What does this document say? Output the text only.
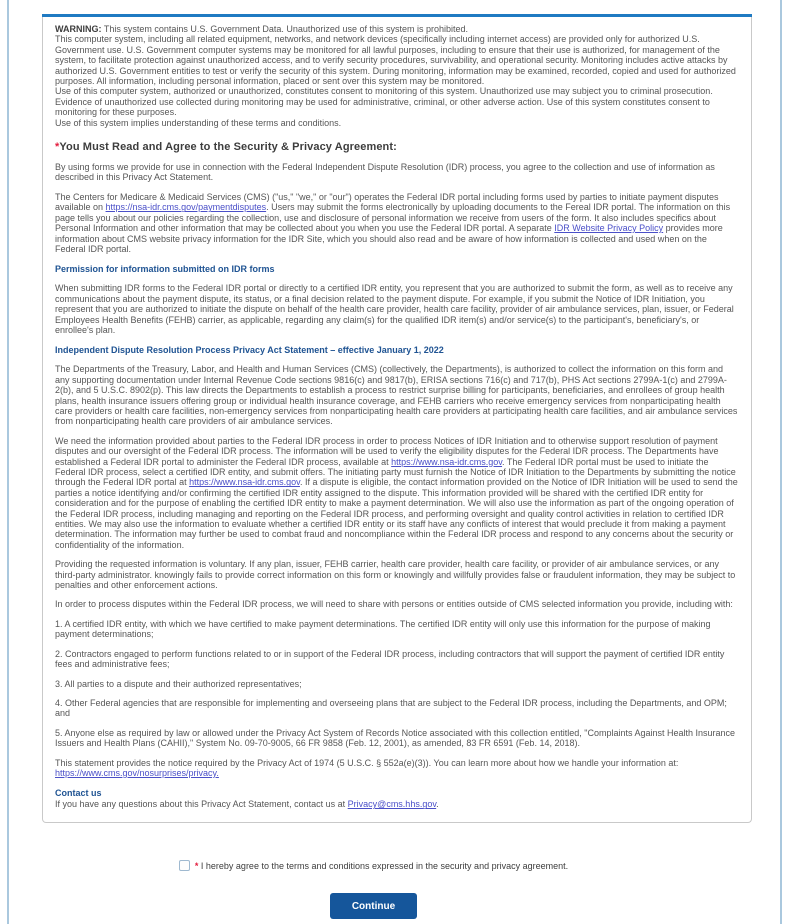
WARNING: This system contains U.S. Government Data. Unauthorized use of this system is prohibited.
This computer system, including all related equipment, networks, and network devices (specifically including internet access) are provided only for authorized U.S. Government use. U.S. Government computer systems may be monitored for all lawful purposes, including to ensure that their use is authorized, for management of the system, to facilitate protection against unauthorized access, and to verify security procedures, survivability, and operational security. Monitoring includes active attacks by authorized U.S. Government entities to test or verify the security of this system. During monitoring, information may be examined, recorded, copied and used for authorized purposes. All information, including personal information, placed or sent over this system may be monitored.
Use of this computer system, authorized or unauthorized, constitutes consent to monitoring of this system. Unauthorized use may subject you to criminal prosecution. Evidence of unauthorized use collected during monitoring may be used for administrative, criminal, or other adverse action. Use of this system constitutes consent to monitoring for these purposes.
Use of this system implies understanding of these terms and conditions.

*You Must Read and Agree to the Security & Privacy Agreement:

By using forms we provide for use in connection with the Federal Independent Dispute Resolution (IDR) process, you agree to the collection and use of information as described in this Privacy Act Statement.

The Centers for Medicare & Medicaid Services (CMS) ("us," "we," or "our") operates the Federal IDR portal including forms used by parties to initiate payment disputes available on https://nsa-idr.cms.gov/paymentdisputes. Users may submit the forms electronically by uploading documents to the Fereal IDR portal. The information on this page tells you about our policies regarding the collection, use and disclosure of personal information we receive from users of the form. It also includes specifics about Personal Information and other information that may be collected about you when you use the Federal IDR portal. A separate IDR Website Privacy Policy provides more information about CMS website privacy information for the IDR Site, which you should also read and be aware of how information is collected and used when on the Federal IDR portal.

Permission for information submitted on IDR forms

When submitting IDR forms to the Federal IDR portal or directly to a certified IDR entity, you represent that you are authorized to submit the form, as well as to receive any communications about the payment dispute, its status, or a final decision related to the payment dispute. For example, if you submit the Notice of IDR Initiation, you represent that you are authorized to initiate the dispute on behalf of the health care provider, health care facility, provider of air ambulance services, plan, issuer, or Federal Employees Health Benefits (FEHB) carrier, as applicable, regarding any claim(s) for the qualified IDR item(s) and/or service(s) to the participant's, beneficiary's, or enrollee's plan.

Independent Dispute Resolution Process Privacy Act Statement – effective January 1, 2022

The Departments of the Treasury, Labor, and Health and Human Services (CMS) (collectively, the Departments), is authorized to collect the information on this form and any supporting documentation under Internal Revenue Code sections 9816(c) and 9817(b), ERISA sections 716(c) and 717(b), PHS Act sections 2799A-1(c) and 2799A-2(b), and 5 U.S.C. 8902(p). This law directs the Departments to establish a process to restrict surprise billing for participants, beneficiaries, and enrollees of group health plans, health insurance issuers offering group or individual health insurance coverage, and FEHB carriers who receive emergency services from nonparticipating health care providers or health care facilities, non-emergency services from nonparticipating health care providers at participating health care facilities, and air ambulance services from nonparticipating health care providers of air ambulance services.

We need the information provided about parties to the Federal IDR process in order to process Notices of IDR Initiation and to otherwise support resolution of payment disputes and our oversight of the Federal IDR process. The information will be used to verify the eligibility disputes for the Federal IDR process. The Departments have established a Federal IDR portal to administer the Federal IDR process, available at https://www.nsa-idr.cms.gov. The Federal IDR portal must be used to initiate the Federal IDR process, select a certified IDR entity, and submit offers. The initiating party must furnish the Notice of IDR Initiation to the Departments by submitting the notice through the Federal IDR portal at https://www.nsa-idr.cms.gov. If a dispute is eligible, the contact information provided on the Notice of IDR Initiation will be used to send the parties a notice identifying and/or confirming the certified IDR entity assigned to the dispute. This information provided will be shared with the certified IDR entity for consideration and for the purpose of enabling the certified IDR entity to make a payment determination. We will also use the information as part of the ongoing operation of the Federal IDR process, including managing and reporting on the Federal IDR process, and performing oversight and quality control activities in relation to certified IDR entities. We may also use the information to evaluate whether a certified IDR entity or its staff have any conflicts of interest that would preclude it from making a payment determination. The information may further be used to combat fraud and noncompliance within the Federal IDR process and respond to any concerns about the security or confidentiality of the information.

Providing the requested information is voluntary. If any plan, issuer, FEHB carrier, health care provider, health care facility, or provider of air ambulance services, or any third-party administrator. knowingly fails to provide correct information on this form or knowingly and willfully provides false or fraudulent information, they may be subject to penalties and other enforcement actions.

In order to process disputes within the Federal IDR process, we will need to share with persons or entities outside of CMS selected information you provide, including with:

1. A certified IDR entity, with which we have certified to make payment determinations. The certified IDR entity will only use this information for the purpose of making payment determinations;

2. Contractors engaged to perform functions related to or in support of the Federal IDR process, including contractors that will support the payment of certified IDR entity fees and administrative fees;

3. All parties to a dispute and their authorized representatives;

4. Other Federal agencies that are responsible for implementing and overseeing plans that are subject to the Federal IDR process, including the Departments, and OPM; and

5. Anyone else as required by law or allowed under the Privacy Act System of Records Notice associated with this collection entitled, "Complaints Against Health Insurance Issuers and Health Plans (CAHII)," System No. 09-70-9005, 66 FR 9858 (Feb. 12, 2001), as amended, 83 FR 6591 (Feb. 14, 2018).

This statement provides the notice required by the Privacy Act of 1974 (5 U.S.C. § 552a(e)(3)). You can learn more about how we handle your information at:
https://www.cms.gov/nosurprises/privacy.

Contact us

If you have any questions about this Privacy Act Statement, contact us at Privacy@cms.hhs.gov.

* I hereby agree to the terms and conditions expressed in the security and privacy agreement.

Continue
